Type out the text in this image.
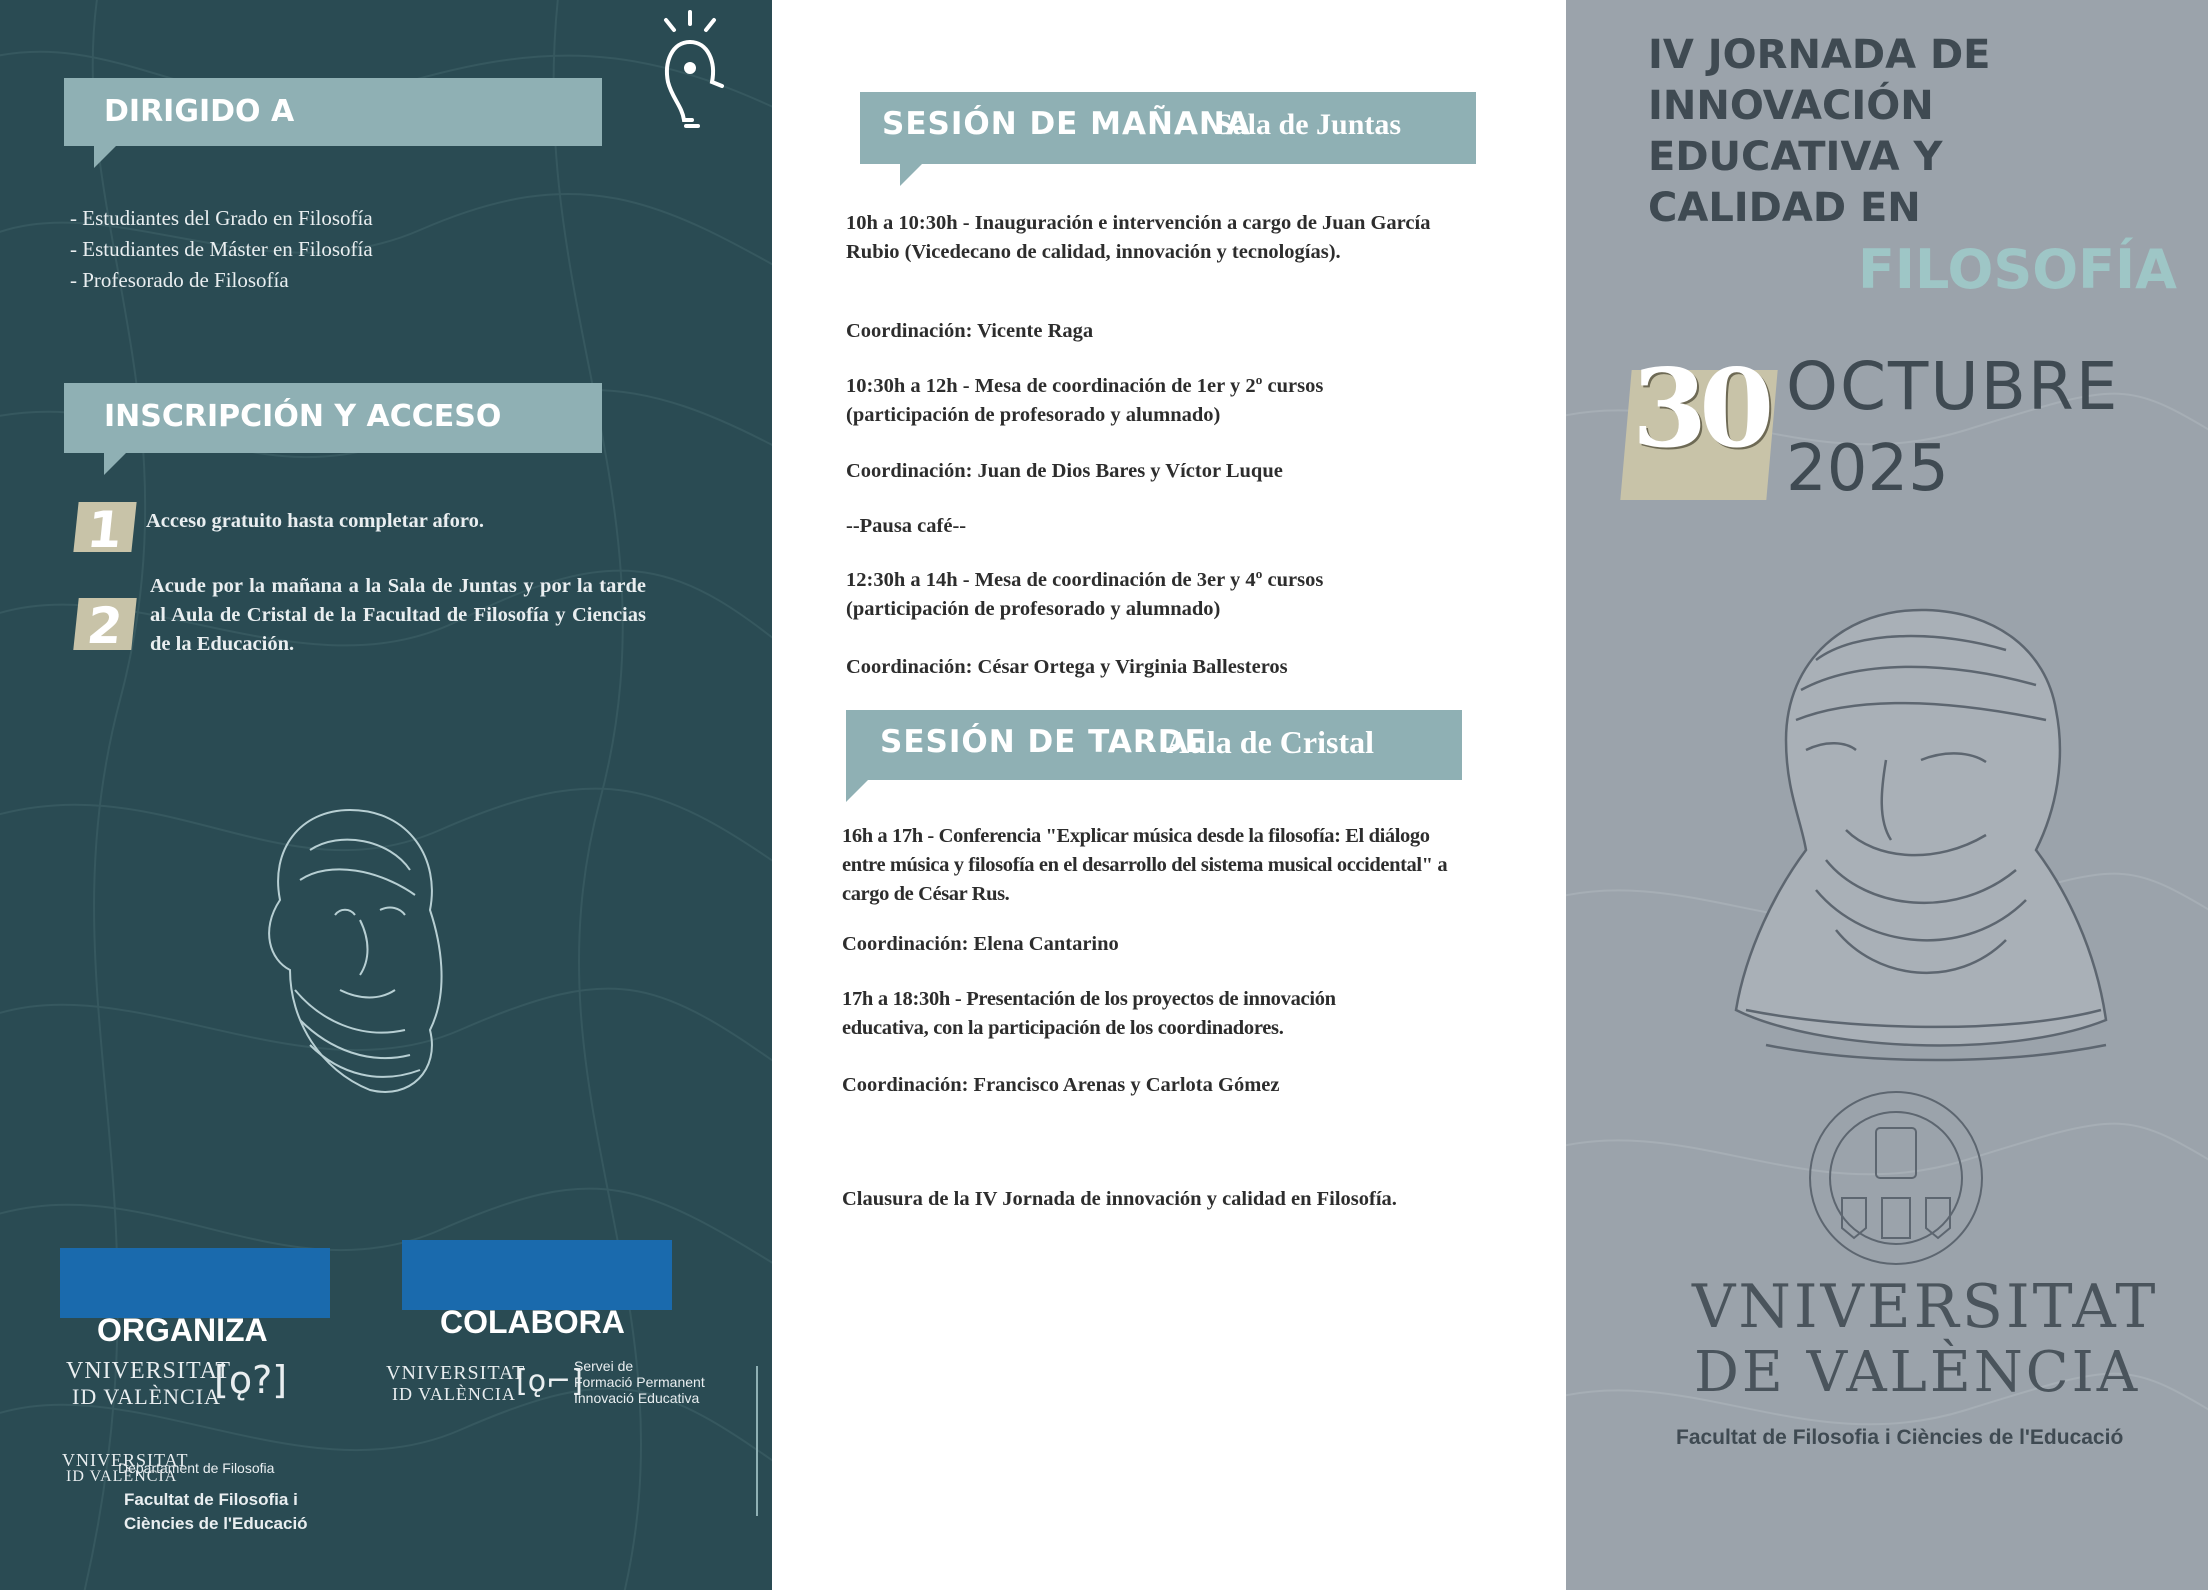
DIRIGIDO A
- Estudiantes del Grado en Filosofía
- Estudiantes de Máster en Filosofía
- Profesorado de Filosofía
INSCRIPCIÓN Y ACCESO
1	Acceso gratuito hasta completar aforo.
2
Acude por la mañana a la Sala de Juntas y por la tarde al Aula de Cristal de la Facultad de Filosofía y Ciencias de la Educación.
ORGANIZA
VNIVERSITAT
ID VALÈNCIA
[ǫ?]
COLABORA
VNIVERSITAT
ID VALÈNCIA [ǫ⌐]
Servei de
Formació Permanent
Innovació Educativa
VNIVERSITAT
ID VALÈNCIA
Departament de Filosofia
Facultat de Filosofia i
Ciències de l'Educació
SESIÓN DE MAÑANA
Sala de Juntas
10h a 10:30h - Inauguración e intervención a cargo de Juan García Rubio (Vicedecano de calidad, innovación y tecnologías).
Coordinación: Vicente Raga
10:30h a 12h - Mesa de coordinación de 1er y 2º cursos (participación de profesorado y alumnado)
Coordinación: Juan de Dios Bares y Víctor Luque
--Pausa café--
12:30h a 14h - Mesa de coordinación de 3er y 4º cursos (participación de profesorado y alumnado)
Coordinación: César Ortega y Virginia Ballesteros
SESIÓN DE TARDE
Aula de Cristal
16h a 17h - Conferencia "Explicar música desde la filosofía: El diálogo entre música y filosofía en el desarrollo del sistema musical occidental" a cargo de César Rus.
Coordinación: Elena Cantarino
17h a 18:30h - Presentación de los proyectos de innovación educativa, con la participación de los coordinadores.
Coordinación: Francisco Arenas y Carlota Gómez
Clausura de la IV Jornada de innovación y calidad en Filosofía.
IV JORNADA DE
INNOVACIÓN
EDUCATIVA Y
CALIDAD EN
FILOSOFÍA
30 OCTUBRE
2025
VNIVERSITAT
DE VALÈNCIA
Facultat de Filosofia i Ciències de l'Educació
